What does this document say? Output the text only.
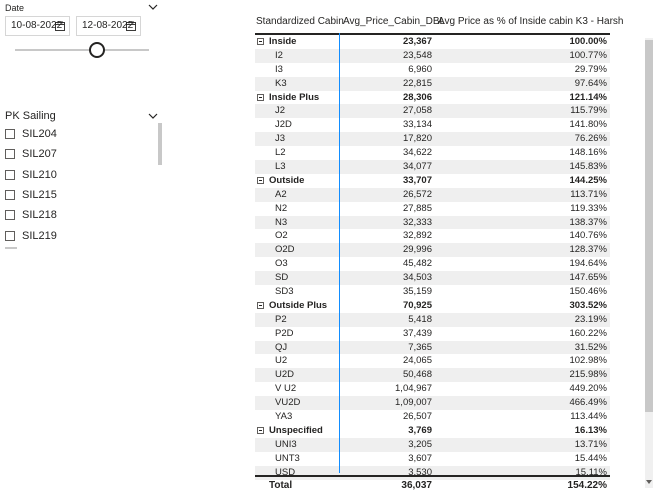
Date
10-08-2022	12-08-2022
PK Sailing
SIL204
SIL207
SIL210
SIL215
SIL218
SIL219
Standardized Cabin Avg_Price_Cabin_DBL
Avg Price as % of Inside cabin K3 - Harsh
Inside	23,367	100.00%
I2	23,548	100.77%
I3	6,960	29.79%
K3	22,815	97.64%
Inside Plus	28,306	121.14%
J2	27,058	115.79%
J2D	33,134	141.80%
J3	17,820	76.26%
L2	34,622	148.16%
L3	34,077	145.83%
Outside	33,707	144.25%
A2	26,572	113.71%
N2	27,885	119.33%
N3	32,333	138.37%
O2	32,892	140.76%
O2D	29,996	128.37%
O3	45,482	194.64%
SD	34,503	147.65%
SD3	35,159	150.46%
Outside Plus	70,925	303.52%
P2	5,418	23.19%
P2D	37,439	160.22%
QJ	7,365	31.52%
U2	24,065	102.98%
U2D	50,468	215.98%
V U2	1,04,967	449.20%
VU2D	1,09,007	466.49%
YA3	26,507	113.44%
Unspecified	3,769	16.13%
UNI3	3,205	13.71%
UNT3	3,607	15.44%
USD	3,530	15.11%
Total	36,037	154.22%
